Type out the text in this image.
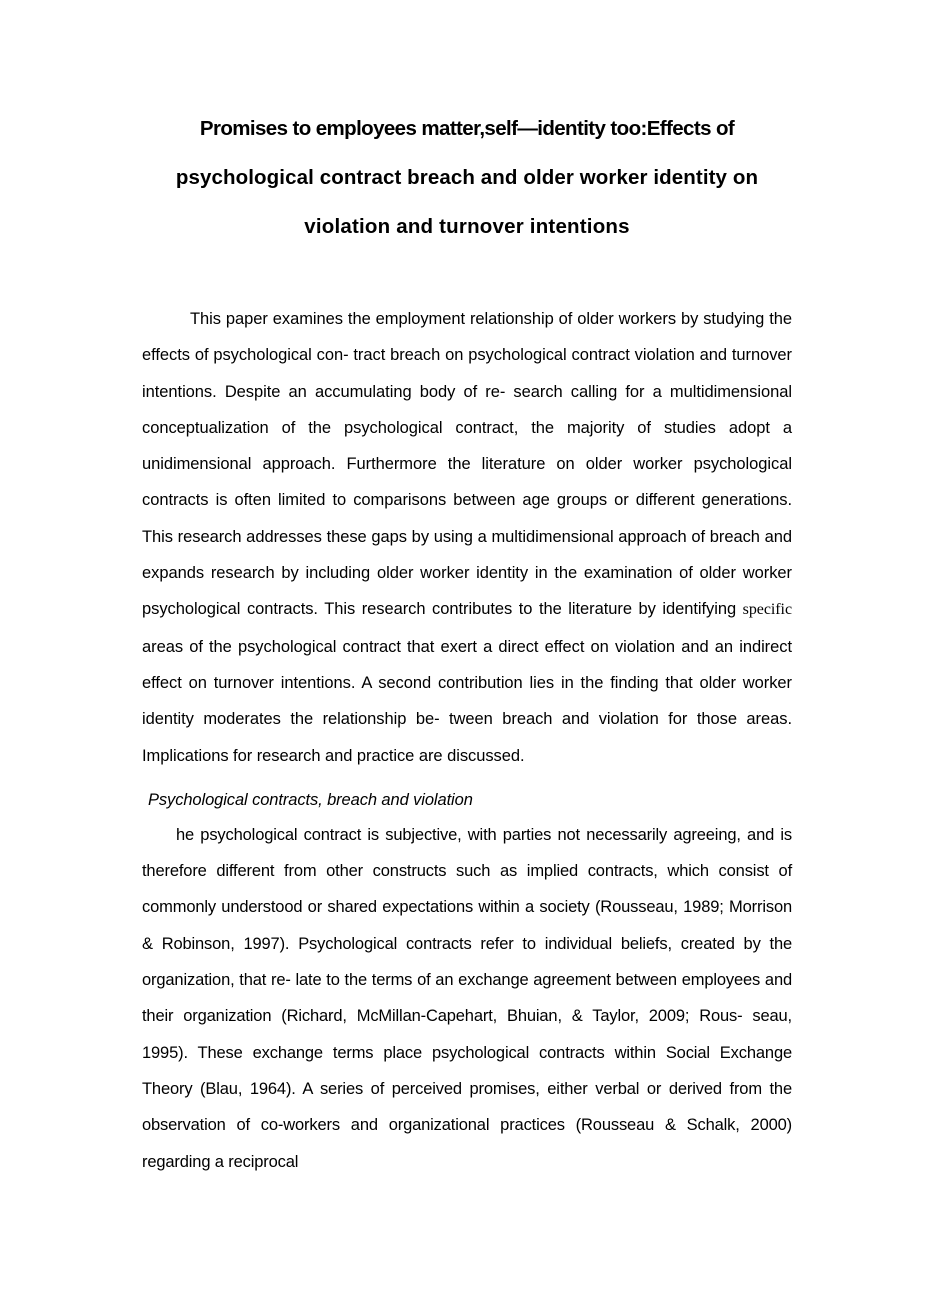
Promises to employees matter,self—identity too:Effects of
psychological contract breach and older worker identity on
violation and turnover intentions

This paper examines the employment relationship of older workers by studying the effects of psychological con- tract breach on psychological contract violation and turnover intentions. Despite an accumulating body of re- search calling for a multidimensional conceptualization of the psychological contract, the majority of studies adopt a unidimensional approach. Furthermore the literature on older worker psychological contracts is often limited to comparisons between age groups or different generations. This research addresses these gaps by using a multidimensional approach of breach and expands research by including older worker identity in the examination of older worker psychological contracts. This research contributes to the literature by identifying specific areas of the psychological contract that exert a direct effect on violation and an indirect effect on turnover intentions. A second contribution lies in the finding that older worker identity moderates the relationship be- tween breach and violation for those areas. Implications for research and practice are discussed.

Psychological contracts, breach and violation

he psychological contract is subjective, with parties not necessarily agreeing, and is therefore different from other constructs such as implied contracts, which consist of commonly understood or shared expectations within a society (Rousseau, 1989; Morrison & Robinson, 1997). Psychological contracts refer to individual beliefs, created by the organization, that re- late to the terms of an exchange agreement between employees and their organization (Richard, McMillan-Capehart, Bhuian, & Taylor, 2009; Rous- seau, 1995). These exchange terms place psychological contracts within Social Exchange Theory (Blau, 1964). A series of perceived promises, either verbal or derived from the observation of co-workers and organizational practices (Rousseau & Schalk, 2000) regarding a reciprocal
